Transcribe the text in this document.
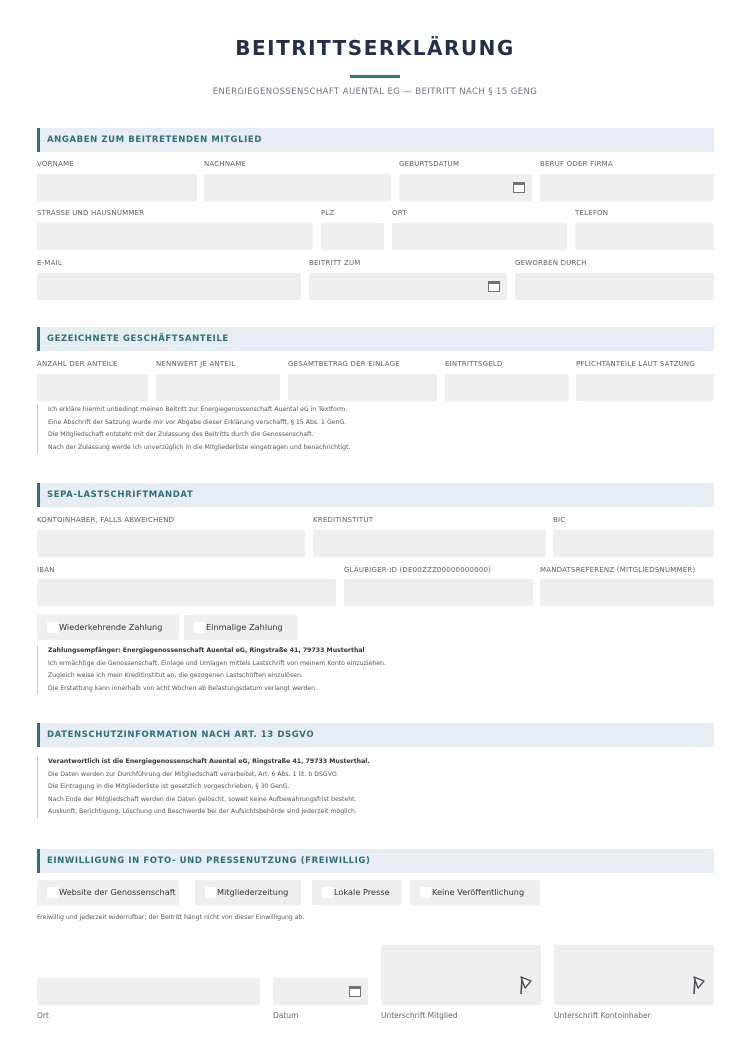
BEITRITTSERKLÄRUNG
ENERGIEGENOSSENSCHAFT AUENTAL EG — BEITRITT NACH § 15 GENG
ANGABEN ZUM BEITRETENDEN MITGLIED
VORNAME	NACHNAME	GEBURTSDATUM	BERUF ODER FIRMA
STRASSE UND HAUSNUMMER	PLZ	ORT	TELEFON
E-MAIL	BEITRITT ZUM	GEWORBEN DURCH
GEZEICHNETE GESCHÄFTSANTEILE
ANZAHL DER ANTEILE	NENNWERT JE ANTEIL	GESAMTBETRAG DER EINLAGE	EINTRITTSGELD	PFLICHTANTEILE LAUT SATZUNG
Ich erkläre hiermit unbedingt meinen Beitritt zur Energiegenossenschaft Auental eG in Textform.
Eine Abschrift der Satzung wurde mir vor Abgabe dieser Erklärung verschafft, § 15 Abs. 1 GenG.
Die Mitgliedschaft entsteht mit der Zulassung des Beitritts durch die Genossenschaft.
Nach der Zulassung werde ich unverzüglich in die Mitgliederliste eingetragen und benachrichtigt.
SEPA-LASTSCHRIFTMANDAT
KONTOINHABER, FALLS ABWEICHEND	KREDITINSTITUT	BIC
IBAN	GLÄUBIGER-ID (DE00ZZZ00000000000)	MANDATSREFERENZ (MITGLIEDSNUMMER)
Wiederkehrende Zahlung	Einmalige Zahlung
Zahlungsempfänger: Energiegenossenschaft Auental eG, Ringstraße 41, 79733 Musterthal
Ich ermächtige die Genossenschaft, Einlage und Umlagen mittels Lastschrift von meinem Konto einzuziehen.
Zugleich weise ich mein Kreditinstitut an, die gezogenen Lastschriften einzulösen.
Die Erstattung kann innerhalb von acht Wochen ab Belastungsdatum verlangt werden.
DATENSCHUTZINFORMATION NACH ART. 13 DSGVO
Verantwortlich ist die Energiegenossenschaft Auental eG, Ringstraße 41, 79733 Musterthal.
Die Daten werden zur Durchführung der Mitgliedschaft verarbeitet, Art. 6 Abs. 1 lit. b DSGVO.
Die Eintragung in die Mitgliederliste ist gesetzlich vorgeschrieben, § 30 GenG.
Nach Ende der Mitgliedschaft werden die Daten gelöscht, soweit keine Aufbewahrungsfrist besteht.
Auskunft, Berichtigung, Löschung und Beschwerde bei der Aufsichtsbehörde sind jederzeit möglich.
EINWILLIGUNG IN FOTO- UND PRESSENUTZUNG (FREIWILLIG)
Website der Genossenschaft	Mitgliederzeitung	Lokale Presse	Keine Veröffentlichung
Freiwillig und jederzeit widerrufbar; der Beitritt hängt nicht von dieser Einwilligung ab.
Ort	Datum	Unterschrift Mitglied	Unterschrift Kontoinhaber
